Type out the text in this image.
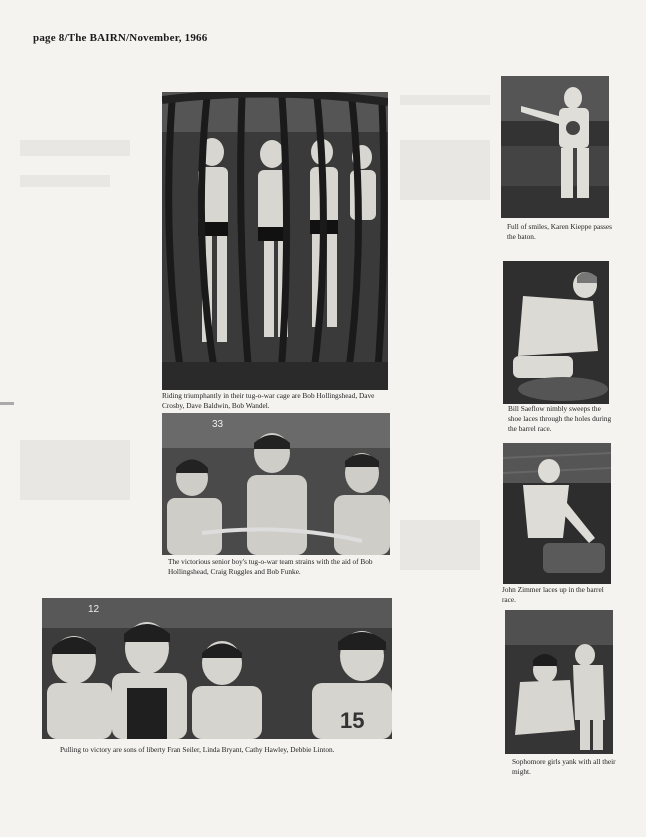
page 8/The BAIRN/November, 1966
Riding triumphantly in their tug-o-war cage are Bob Hollingshead, Dave Crosby, Dave Baldwin, Bob Wandel.
33
The victorious senior boy's tug-o-war team strains with the aid of Bob Hollingshead, Craig Ruggles and Bob Funke.
12
15
Pulling to victory are sons of liberty Fran Seiler, Linda Bryant, Cathy Hawley, Debbie Linton.
Full of smiles, Karen Kieppe passes the baton.
Bill Saeflow nimbly sweeps the shoe laces through the holes during the barrel race.
John Zimmer laces up in the barrel race.
Sophomore girls yank with all their might.
